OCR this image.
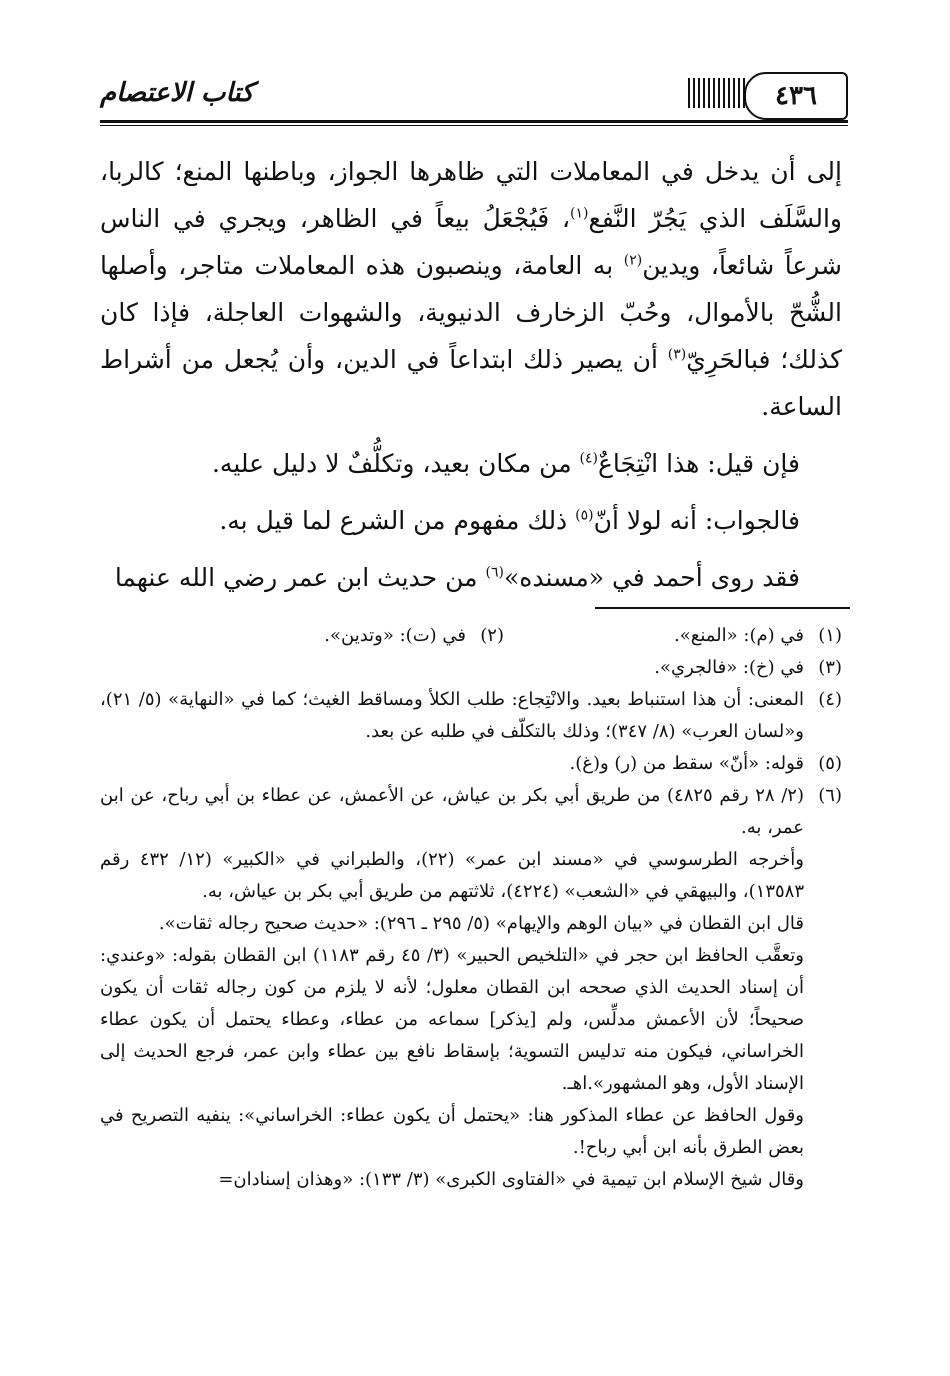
كتاب الاعتصام	٤٣٦

إلى أن يدخل في المعاملات التي ظاهرها الجواز، وباطنها المنع؛ كالربا، والسَّلَف الذي يَجُرّ النَّفع$^{(١)}$، فَيُجْعَلُ بيعاً في الظاهر، ويجري في الناس شرعاً شائعاً، ويدين$^{(٢)}$ به العامة، وينصبون هذه المعاملات متاجر، وأصلها الشُّحّ بالأموال، وحُبّ الزخارف الدنيوية، والشهوات العاجلة، فإذا كان كذلك؛ فبالحَرِيّ$^{(٣)}$ أن يصير ذلك ابتداعاً في الدين، وأن يُجعل من أشراط الساعة.

فإن قيل: هذا انْتِجَاعٌ$^{(٤)}$ من مكان بعيد، وتكلُّفٌ لا دليل عليه.

فالجواب: أنه لولا أنّ$^{(٥)}$ ذلك مفهوم من الشرع لما قيل به.

فقد روى أحمد في «مسنده»$^{(٦)}$ من حديث ابن عمر رضي الله عنهما

(١)
في (م): «المنع».
(٢)
في (ت): «وتدين».
(٣)
في (خ): «فالجري».
(٤)
المعنى: أن هذا استنباط بعيد. والانْتِجاع: طلب الكلأ ومساقط الغيث؛ كما في «النهاية» (٥/ ٢١)، و«لسان العرب» (٨/ ٣٤٧)؛ وذلك بالتكلّف في طلبه عن بعد.
(٥)
قوله: «أنّ» سقط من (ر) و(غ).
(٦)

(٢/ ٢٨ رقم ٤٨٢٥) من طريق أبي بكر بن عياش، عن الأعمش، عن عطاء بن أبي رباح، عن ابن عمر، به.

وأخرجه الطرسوسي في «مسند ابن عمر» (٢٢)، والطبراني في «الكبير» (١٢/ ٤٣٢ رقم ١٣٥٨٣)، والبيهقي في «الشعب» (٤٢٢٤)، ثلاثتهم من طريق أبي بكر بن عياش، به.

قال ابن القطان في «بيان الوهم والإيهام» (٥/ ٢٩٥ ـ ٢٩٦): «حديث صحيح رجاله ثقات».

وتعقَّب الحافظ ابن حجر في «التلخيص الحبير» (٣/ ٤٥ رقم ١١٨٣) ابن القطان بقوله: «وعندي: أن إسناد الحديث الذي صححه ابن القطان معلول؛ لأنه لا يلزم من كون رجاله ثقات أن يكون صحيحاً؛ لأن الأعمش مدلِّس، ولم [يذكر] سماعه من عطاء، وعطاء يحتمل أن يكون عطاء الخراساني، فيكون منه تدليس التسوية؛ بإسقاط نافع بين عطاء وابن عمر، فرجع الحديث إلى الإسناد الأول، وهو المشهور».اهـ.

وقول الحافظ عن عطاء المذكور هنا: «يحتمل أن يكون عطاء: الخراساني»: ينفيه التصريح في بعض الطرق بأنه ابن أبي رباح!.

وقال شيخ الإسلام ابن تيمية في «الفتاوى الكبرى» (٣/ ١٣٣): «وهذان إسنادان=
